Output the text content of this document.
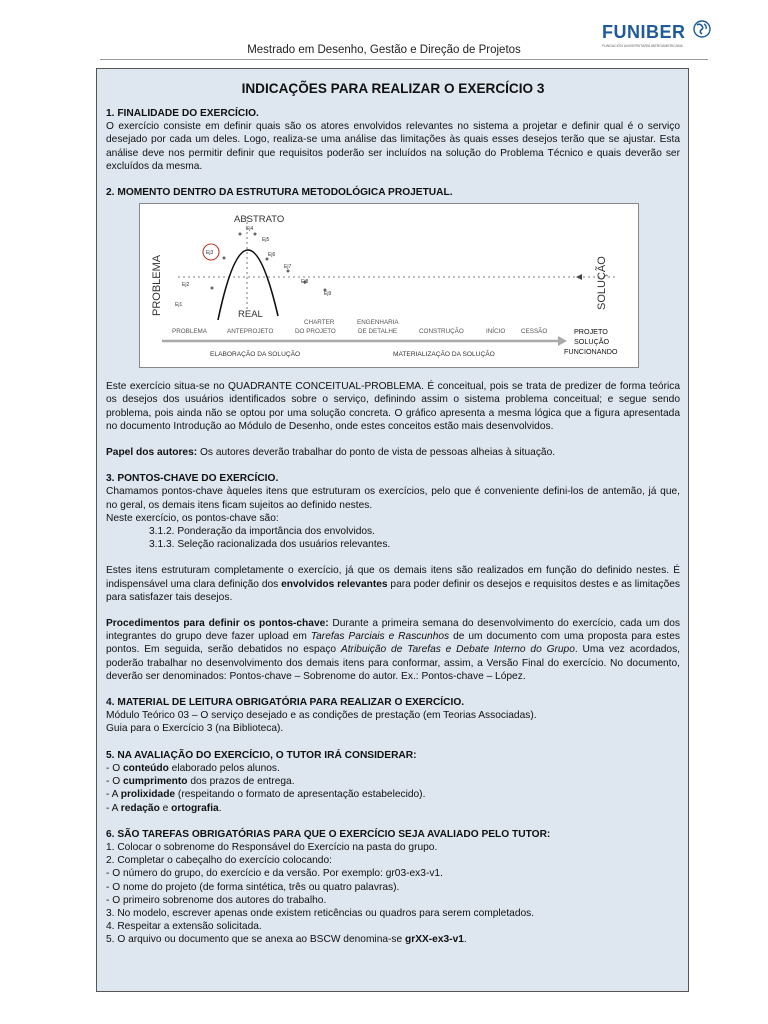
FUNIBER
FUNDACIÓN UNIVERSITARIA IBEROAMERICANA
Mestrado em Desenho, Gestão e Direção de Projetos
INDICAÇÕES PARA REALIZAR O EXERCÍCIO 3
1. FINALIDADE DO EXERCÍCIO.
O exercício consiste em definir quais são os atores envolvidos relevantes no sistema a projetar e definir qual é o serviço desejado por cada um deles. Logo, realiza-se uma análise das limitações às quais esses desejos terão que se ajustar. Esta análise deve nos permitir definir que requisitos poderão ser incluídos na solução do Problema Técnico e quais deverão ser excluídos da mesma.
2. MOMENTO DENTRO DA ESTRUTURA METODOLÓGICA PROJETUAL.
ABSTRATO
REAL
PROBLEMA	SOLUÇÃO
Ej1
Ej2
Ej3
Ej4
Ej5
Ej6
Ej7
Ej8
Ej9
PROBLEMA	ANTEPROJETO
CHARTER
DO PROJETO
ENGENHARIA
DE DETALHE	CONSTRUÇÃO	INÍCIO	CESSÃO	PROJETO
SOLUÇÃO
FUNCIONANDO
ELABORAÇÃO DA SOLUÇÃO	MATERIALIZAÇÃO DA SOLUÇÃO
Este exercício situa-se no QUADRANTE CONCEITUAL-PROBLEMA. É conceitual, pois se trata de predizer de forma teórica os desejos dos usuários identificados sobre o serviço, definindo assim o sistema problema conceitual; e segue sendo problema, pois ainda não se optou por uma solução concreta. O gráfico apresenta a mesma lógica que a figura apresentada no documento Introdução ao Módulo de Desenho, onde estes conceitos estão mais desenvolvidos.
Papel dos autores: Os autores deverão trabalhar do ponto de vista de pessoas alheias à situação.
3. PONTOS-CHAVE DO EXERCÍCIO.
Chamamos pontos-chave àqueles itens que estruturam os exercícios, pelo que é conveniente defini-los de antemão, já que, no geral, os demais itens ficam sujeitos ao definido nestes.
Neste exercício, os pontos-chave são:
3.1.2. Ponderação da importância dos envolvidos.
3.1.3. Seleção racionalizada dos usuários relevantes.
Estes itens estruturam completamente o exercício, já que os demais itens são realizados em função do definido nestes. É indispensável uma clara definição dos envolvidos relevantes para poder definir os desejos e requisitos destes e as limitações para satisfazer tais desejos.
Procedimentos para definir os pontos-chave: Durante a primeira semana do desenvolvimento do exercício, cada um dos integrantes do grupo deve fazer upload em Tarefas Parciais e Rascunhos de um documento com uma proposta para estes pontos. Em seguida, serão debatidos no espaço Atribuição de Tarefas e Debate Interno do Grupo. Uma vez acordados, poderão trabalhar no desenvolvimento dos demais itens para conformar, assim, a Versão Final do exercício. No documento, deverão ser denominados: Pontos-chave – Sobrenome do autor. Ex.: Pontos-chave – López.
4. MATERIAL DE LEITURA OBRIGATÓRIA PARA REALIZAR O EXERCÍCIO.
Módulo Teórico 03 – O serviço desejado e as condições de prestação (em Teorias Associadas).
Guia para o Exercício 3 (na Biblioteca).
5. NA AVALIAÇÃO DO EXERCÍCIO, O TUTOR IRÁ CONSIDERAR:
- O conteúdo elaborado pelos alunos.
- O cumprimento dos prazos de entrega.
- A prolixidade (respeitando o formato de apresentação estabelecido).
- A redação e ortografia.
6. SÃO TAREFAS OBRIGATÓRIAS PARA QUE O EXERCÍCIO SEJA AVALIADO PELO TUTOR:
1. Colocar o sobrenome do Responsável do Exercício na pasta do grupo.
2. Completar o cabeçalho do exercício colocando:
- O número do grupo, do exercício e da versão. Por exemplo: gr03-ex3-v1.
- O nome do projeto (de forma sintética, três ou quatro palavras).
- O primeiro sobrenome dos autores do trabalho.
3. No modelo, escrever apenas onde existem reticências ou quadros para serem completados.
4. Respeitar a extensão solicitada.
5. O arquivo ou documento que se anexa ao BSCW denomina-se grXX-ex3-v1.
